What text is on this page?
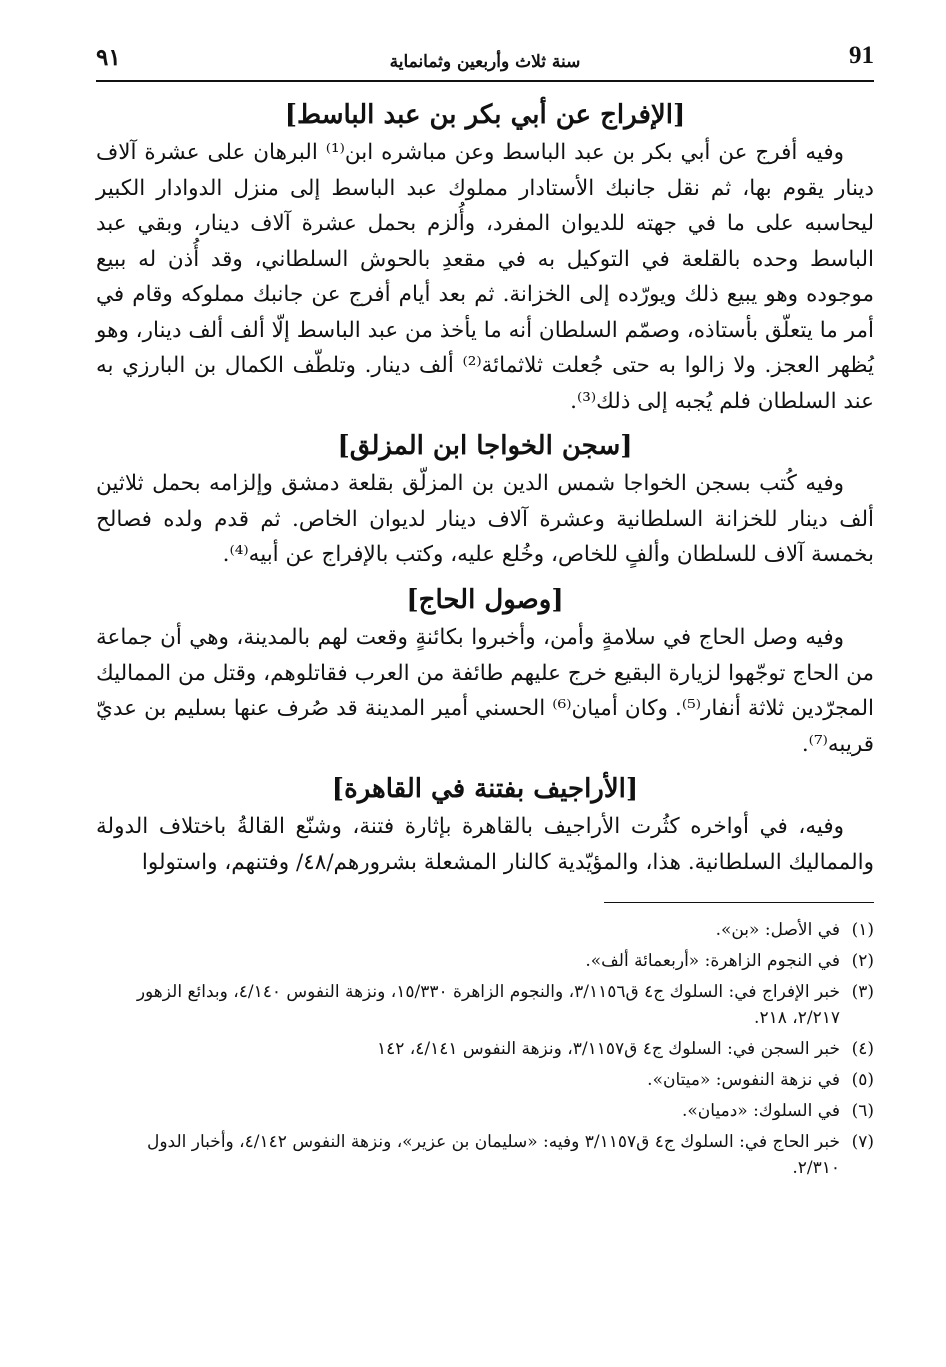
91
سنة ثلاث وأربعين وثمانماية
٩١
[الإفراج عن أبي بكر بن عبد الباسط]

وفيه أفرج عن أبي بكر بن عبد الباسط وعن مباشره ابن⁽¹⁾ البرهان على عشرة آلاف دينار يقوم بها، ثم نقل جانبك الأستادار مملوك عبد الباسط إلى منزل الدوادار الكبير ليحاسبه على ما في جهته للديوان المفرد، وأُلزم بحمل عشرة آلاف دينار، وبقي عبد الباسط وحده بالقلعة في التوكيل به في مقعدِ بالحوش السلطاني، وقد أُذن له ببيع موجوده وهو يبيع ذلك ويورّده إلى الخزانة. ثم بعد أيام أفرج عن جانبك مملوكه وقام في أمر ما يتعلّق بأستاذه، وصمّم السلطان أنه ما يأخذ من عبد الباسط إلّا ألف ألف دينار، وهو يُظهر العجز. ولا زالوا به حتى جُعلت ثلاثمائة⁽²⁾ ألف دينار. وتلطّف الكمال بن البارزي به عند السلطان فلم يُجبه إلى ذلك⁽³⁾.

[سجن الخواجا ابن المزلق]

وفيه كُتب بسجن الخواجا شمس الدين بن المزلّق بقلعة دمشق وإلزامه بحمل ثلاثين ألف دينار للخزانة السلطانية وعشرة آلاف دينار لديوان الخاص. ثم قدم ولده فصالح بخمسة آلاف للسلطان وألفٍ للخاص، وخُلع عليه، وكتب بالإفراج عن أبيه⁽⁴⁾.

[وصول الحاج]

وفيه وصل الحاج في سلامةٍ وأمن، وأخبروا بكائنةٍ وقعت لهم بالمدينة، وهي أن جماعة من الحاج توجّهوا لزيارة البقيع خرج عليهم طائفة من العرب فقاتلوهم، وقتل من المماليك المجرّدين ثلاثة أنفار⁽⁵⁾. وكان أميان⁽⁶⁾ الحسني أمير المدينة قد صُرف عنها بسليم بن عديّ قريبه⁽⁷⁾.

[الأراجيف بفتنة في القاهرة]

وفيه، في أواخره كثُرت الأراجيف بالقاهرة بإثارة فتنة، وشنّع القالةُ باختلاف الدولة والمماليك السلطانية. هذا، والمؤيّدية كالنار المشعلة بشرورهم/٤٨/ وفتنهم، واستولوا

(١)
في الأصل: «بن».
(٢)
في النجوم الزاهرة: «أربعمائة ألف».
(٣)
خبر الإفراج في: السلوك ج٤ ق٣/١١٥٦، والنجوم الزاهرة ١٥/٣٣٠، ونزهة النفوس ٤/١٤٠، وبدائع الزهور ٢/٢١٧، ٢١٨.
(٤)
خبر السجن في: السلوك ج٤ ق٣/١١٥٧، ونزهة النفوس ٤/١٤١، ١٤٢
(٥)
في نزهة النفوس: «ميتان».
(٦)
في السلوك: «دميان».
(٧)
خبر الحاج في: السلوك ج٤ ق٣/١١٥٧ وفيه: «سليمان بن عزير»، ونزهة النفوس ٤/١٤٢، وأخبار الدول ٢/٣١٠.
